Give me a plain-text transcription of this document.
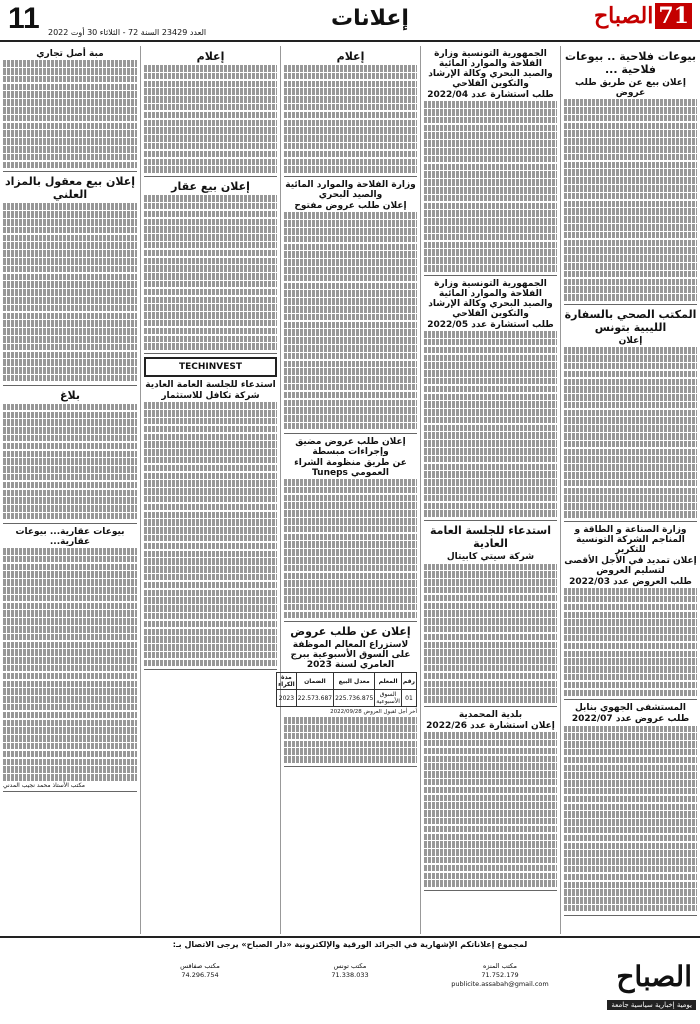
71الصباح
إعلانات
11 العدد 23429 السنة 72 - الثلاثاء 30 أوت 2022
بيوعات فلاحية .. بيوعات فلاحية ...
إعلان بيع عن طريق طلب عروض
المكتب الصحي بالسفارة الليبية بتونس
إعلان
وزارة الصناعة و الطاقة و المناجم الشركة التونسية للتكرير
إعلان تمديد في الأجل الأقصى لتسليم العروض
طلب العروض عدد 2022/03
المستشفى الجهوي بنابل
طلب عروض عدد 2022/07
الجمهورية التونسية وزارة الفلاحة والموارد المائية والصيد البحري وكالة الإرشاد والتكوين الفلاحي
طلب استشارة عدد 2022/04
الجمهورية التونسية وزارة الفلاحة والموارد المائية والصيد البحري وكالة الإرشاد والتكوين الفلاحي
طلب استشارة عدد 2022/05
استدعاء للجلسة العامة العادية
شركة سيتي كابيتال
بلدية المحمدية
إعلان استشارة عدد 2022/26
إعلام
وزارة الفلاحة والموارد المائية والصيد البحري
إعلان طلب عروض مفتوح
إعلان طلب عروض مضيق وإجراءات مبسطة
عن طريق منظومة الشراء العمومي Tuneps
إعلان عن طلب عروض
لاستزراع المعالم الموظفة على السوق الأسبوعية ببرج العامري لسنة 2023
رقم	المعلم	معدل البيع	الضمان	مدة الكراء
01	السوق الأسبوعية	225.736.875	22.573.687	2023
أخر أجل لقبول العروض 2022/09/28
إعلام
إعلان بيع عقار
TECHINVEST
استدعاء للجلسة العامة العادية
شركة تكافل للاستثمار
مبة أصل تجاري
إعلان بيع معقول بالمزاد العلني
بلاغ
بيوعات عقارية... بيوعات عقارية...
مكتب الأستاذ محمد نجيب المدني
لمجموع إعلاناتكم الإشهارية في الجرائد الورقية والإلكترونية «دار الصباح» يرجى الاتصال بـ:
الصباح
يومية إخبارية سياسية جامعة
مكتب المنزه
71.752.179
publicite.assabah@gmail.com
مكتب تونس
71.338.033
مكتب صفاقس
74.296.754
